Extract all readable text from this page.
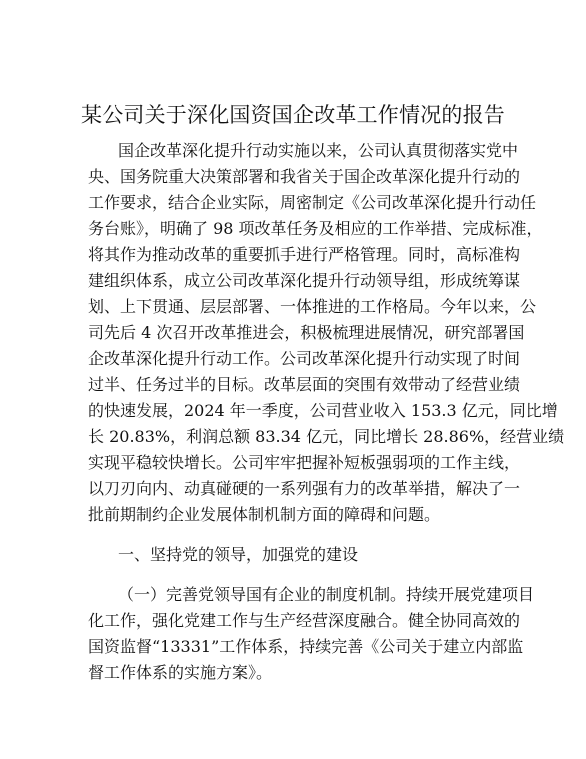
某公司关于深化国资国企改革工作情况的报告
国企改革深化提升行动实施以来，公司认真贯彻落实党中
央、国务院重大决策部署和我省关于国企改革深化提升行动的
工作要求，结合企业实际，周密制定《公司改革深化提升行动任
务台账》，明确了 98 项改革任务及相应的工作举措、完成标准，
将其作为推动改革的重要抓手进行严格管理。同时，高标准构
建组织体系，成立公司改革深化提升行动领导组，形成统筹谋
划、上下贯通、层层部署、一体推进的工作格局。今年以来，公
司先后 4 次召开改革推进会，积极梳理进展情况，研究部署国
企改革深化提升行动工作。公司改革深化提升行动实现了时间
过半、任务过半的目标。改革层面的突围有效带动了经营业绩
的快速发展，2024 年一季度，公司营业收入 153.3 亿元，同比增
长 20.83%，利润总额 83.34 亿元，同比增长 28.86%，经营业绩
实现平稳较快增长。公司牢牢把握补短板强弱项的工作主线，
以刀刃向内、动真碰硬的一系列强有力的改革举措，解决了一
批前期制约企业发展体制机制方面的障碍和问题。
一、坚持党的领导，加强党的建设
（一）完善党领导国有企业的制度机制。持续开展党建项目
化工作，强化党建工作与生产经营深度融合。健全协同高效的
国资监督“13331”工作体系，持续完善《公司关于建立内部监
督工作体系的实施方案》。
